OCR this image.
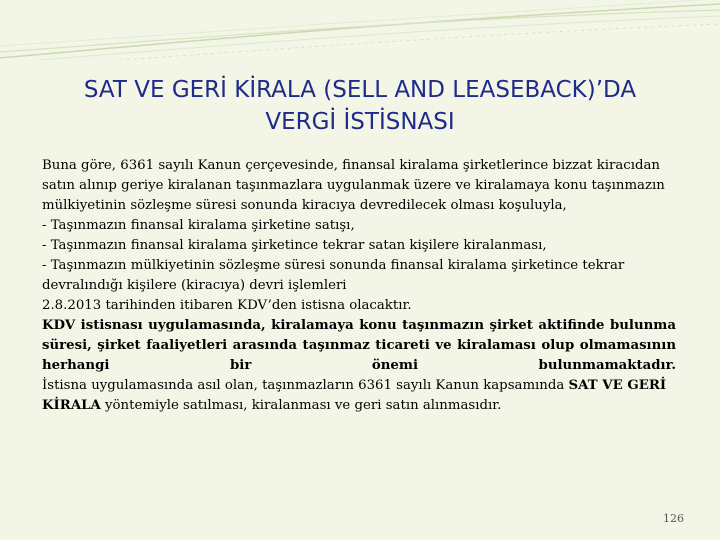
SAT VE GERİ KİRALA (SELL AND LEASEBACK)’DA
VERGİ İSTİSNASI

Buna göre, 6361 sayılı Kanun çerçevesinde, finansal kiralama şirketlerince bizzat kiracıdan satın alınıp geriye kiralanan taşınmazlara uygulanmak üzere ve kiralamaya konu taşınmazın mülkiyetinin sözleşme süresi sonunda kiracıya devredilecek olması koşuluyla,

- Taşınmazın finansal kiralama şirketine satışı,

- Taşınmazın finansal kiralama şirketince tekrar satan kişilere kiralanması,

- Taşınmazın mülkiyetinin sözleşme süresi sonunda finansal kiralama şirketince tekrar devralındığı kişilere (kiracıya) devri işlemleri

2.8.2013 tarihinden itibaren KDV’den istisna olacaktır.

KDV istisnası uygulamasında, kiralamaya konu taşınmazın şirket aktifinde bulunma süresi, şirket faaliyetleri arasında taşınmaz ticareti ve kiralaması olup olmamasının herhangi bir önemi bulunmamaktadır.

İstisna uygulamasında asıl olan, taşınmazların 6361 sayılı Kanun kapsamında SAT VE GERİ KİRALA yöntemiyle satılması, kiralanması ve geri satın alınmasıdır.

126
